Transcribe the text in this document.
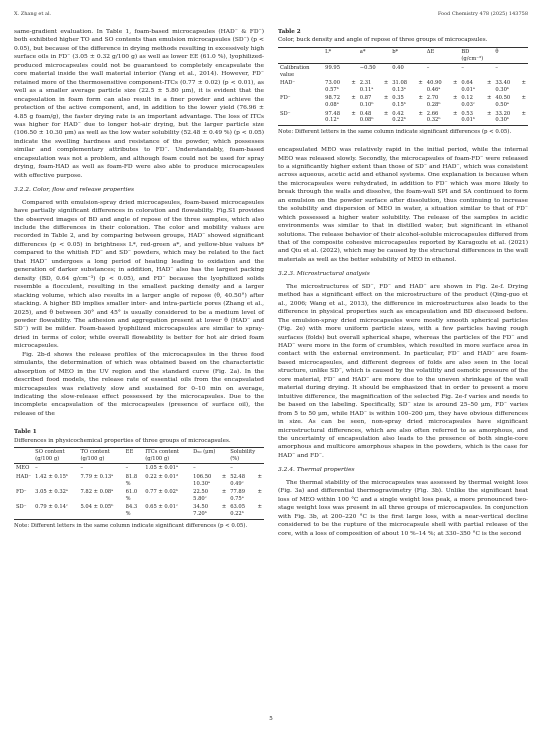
X. Zhang et al.	Food Chemistry 478 (2025) 143758

same-gradient evaluation. In Table 1, foam-based microcapsules (HAD⁻ & FD⁻) both exhibited higher TO and SO contents than emulsion microcapsules (SD⁻) (p < 0.05), but because of the difference in drying methods resulting in excessively high surface oils in FD⁻ (3.05 ± 0.32 g/100 g) as well as lower EE (61.0 %), lyophilized-produced microcapsules could not be guaranteed to completely encapsulate the core material inside the wall material interior (Yang et al., 2014). However, FD⁻ retained more of the thermosensitive component-ITCs (0.77 ± 0.02) (p < 0.01), as well as a smaller average particle size (22.5 ± 5.80 μm), it is evident that the encapsulation in foam form can also result in a finer powder and achieve the protection of the active component, and, in addition to the lower yield (76.96 ± 4.85 g foam/g), the faster drying rate is an important advantage. The loss of ITCs was higher for HAD⁻ due to longer hot-air drying, but the larger particle size (106.50 ± 10.30 μm) as well as the low water solubility (52.48 ± 0.49 %) (p < 0.05) indicate the swelling hardness and resistance of the powder, which possesses similar and complementary attributes to FD⁻. Understandably, foam-based encapsulation was not a problem, and although foam could not be used for spray drying, foam-HAD as well as foam-FD were also able to produce microcapsules with effective purpose.

3.2.2. Color, flow and release properties

Compared with emulsion-spray dried microcapsules, foam-based microcapsules have partially significant differences in coloration and flowability. Fig.S1 provides the observed images of BD and angle of repose of the three samples, which also include the differences in their coloration. The color and mobility values are recorded in Table 2, and by comparing between groups, HAD⁻ showed significant differences (p < 0.05) in brightness L*, red-green a*, and yellow-blue values b* compared to the whitish FD⁻ and SD⁻ powders, which may be related to the fact that HAD⁻ undergoes a long period of heating leading to oxidation and the generation of darker substances; in addition, HAD⁻ also has the largest packing density (BD, 0.64 g/cm⁻³) (p < 0.05), and FD⁻ because the lyophilized solids resemble a flocculent, resulting in the smallest packing density and a larger stacking volume, which also results in a larger angle of repose (θ, 40.50°) after stacking. A higher BD implies smaller inter- and intra-particle pores (Zhang et al., 2025), and θ between 30° and 45° is usually considered to be a medium level of powder flowability. The adhesion and aggregation present at lower θ (HAD⁻ and SD⁻) will be milder. Foam-based lyophilized microcapsules are similar to spray-dried in terms of color, while overall flowability is better for hot air dried foam microcapsules.

Fig. 2b-d shows the release profiles of the microcapsules in the three food simulants, the determination of which was obtained based on the characteristic absorption of MEO in the UV region and the standard curve (Fig. 2a). In the described food models, the release rate of essential oils from the encapsulated microcapsules was relatively slow and sustained for 0–10 min on average, indicating the slow-release effect possessed by the microcapsules. Due to the incomplete encapsulation of the microcapsules (presence of surface oil), the release of the

Table 1
Differences in physicochemical properties of three groups of microcapsules.
	SO content (g/100 g)	TO content (g/100 g)	EE	ITCs content (g/100 g)	D₅₀ (μm)	Solubility (%)
MEO	–	–	–	1.05 ± 0.01ᵃ	–	–
HAD⁻	1.42 ± 0.15ᵇ	7.79 ± 0.13ᵃ	81.8 %	0.22 ± 0.01ᵈ	106.50 ± 10.30ᵃ	52.48 ± 0.49ᶜ
FD⁻	3.05 ± 0.32ᵃ	7.82 ± 0.08ᵃ	61.0 %	0.77 ± 0.02ᵇ	22.50 ± 5.80ᶜ	77.89 ± 0.75ᵃ
SD⁻	0.79 ± 0.14ᶜ	5.04 ± 0.05ᵇ	84.3 %	0.65 ± 0.01ᶜ	34.50 ± 7.20ᵇ	63.05 ± 0.22ᵇ
Note: Different letters in the same column indicate significant differences (p < 0.05).
Table 2
Color, buck density and angle of repose of three groups of microcapsules.
	L*	a*	b*	ΔE	BD (g/cm⁻³)	θ
Calibration value	99.95	−0.50	0.40	–	–	–
HAD⁻	73.00 ± 0.57ᵇ	2.31 ± 0.11ᵃ	31.08 ± 0.13ᵃ	40.90 ± 0.46ᵃ	0.64 ± 0.01ᵃ	33.40 ± 0.30ᵇ
FD⁻	98.72 ± 0.08ᵃ	0.87 ± 0.10ᵇ	0.35 ± 0.15ᵇ	2.70 ± 0.28ᵇ	0.12 ± 0.03ᶜ	40.50 ± 0.50ᵃ
SD⁻	97.48 ± 0.12ᵃ	0.48 ± 0.08ᵇ	0.42 ± 0.22ᵇ	2.66 ± 0.32ᵇ	0.53 ± 0.01ᵇ	33.20 ± 0.30ᵇ
Note: Different letters in the same column indicate significant differences (p < 0.05).

encapsulated MEO was relatively rapid in the initial period, while the internal MEO was released slowly. Secondly, the microcapsules of foam-FD⁻ were released to a significantly higher extent than those of SD⁻ and HAD⁻, which was consistent across aqueous, acetic acid and ethanol systems. One explanation is because when the microcapsules were rehydrated, in addition to FD⁻ which was more likely to break through the walls and dissolve, the foam-wall SPI and SA continued to form an emulsion on the powder surface after dissolution, thus continuing to increase the solubility and dispersion of MEO in water, a situation similar to that of FD⁻ which possessed a higher water solubility. The release of the samples in acidic environments was similar to that in distilled water, but significant in ethanol solutions. The release behavior of their alcohol-soluble microcapsules differed from that of the composite cohesive microcapsules reported by Karagozlu et al. (2021) and Qiu et al. (2022), which may be caused by the structural differences in the wall materials as well as the better solubility of MEO in ethanol.

3.2.3. Microstructural analysis

The microstructures of SD⁻, FD⁻ and HAD⁻ are shown in Fig. 2e-f. Drying method has a significant effect on the microstructure of the product (Qing-guo et al., 2006; Wang et al., 2013), the difference in microstructures also leads to the difference in physical properties such as encapsulation and BD discussed before. The emulsion-spray dried microcapsules were mostly smooth spherical particles (Fig. 2e) with more uniform particle sizes, with a few particles having rough surfaces (folds) but overall spherical shape, whereas the particles of the FD⁻ and HAD⁻ were more in the form of crumbles, which resulted in more surface area in contact with the external environment. In particular, FD⁻ and HAD⁻ are foam-based microcapsules, and different degrees of folds are also seen in the local structure, unlike SD⁻, which is caused by the volatility and osmotic pressure of the core material, FD⁻ and HAD⁻ are more due to the uneven shrinkage of the wall material during drying. It should be emphasized that in order to present a more intuitive difference, the magnification of the selected Fig. 2e-f varies and needs to be based on the labeling. Specifically, SD⁻ size is around 25–50 μm, FD⁻ varies from 5 to 50 μm, while HAD⁻ is within 100–200 μm, they have obvious differences in size. As can be seen, non-spray dried microcapsules have significant microstructural differences, which are also often referred to as amorphous, and the uncertainty of encapsulation also leads to the presence of both single-core amorphous and multicore amorphous shapes in the powders, which is the case for HAD⁻ and FD⁻.

3.2.4. Thermal properties

The thermal stability of the microcapsules was assessed by thermal weight loss (Fig. 3a) and differential thermogravimetry (Fig. 3b). Unlike the significant heat loss of MEO within 100 °C and a single weight loss peak, a more pronounced two-stage weight loss was present in all three groups of microcapsules. In conjunction with Fig. 3b, at 200–220 °C is the first large loss, with a near-vertical decline considered to be the rupture of the microcapsule shell with partial release of the core, with a loss of composition of about 10 %–14 %; at 330–350 °C is the second

5
